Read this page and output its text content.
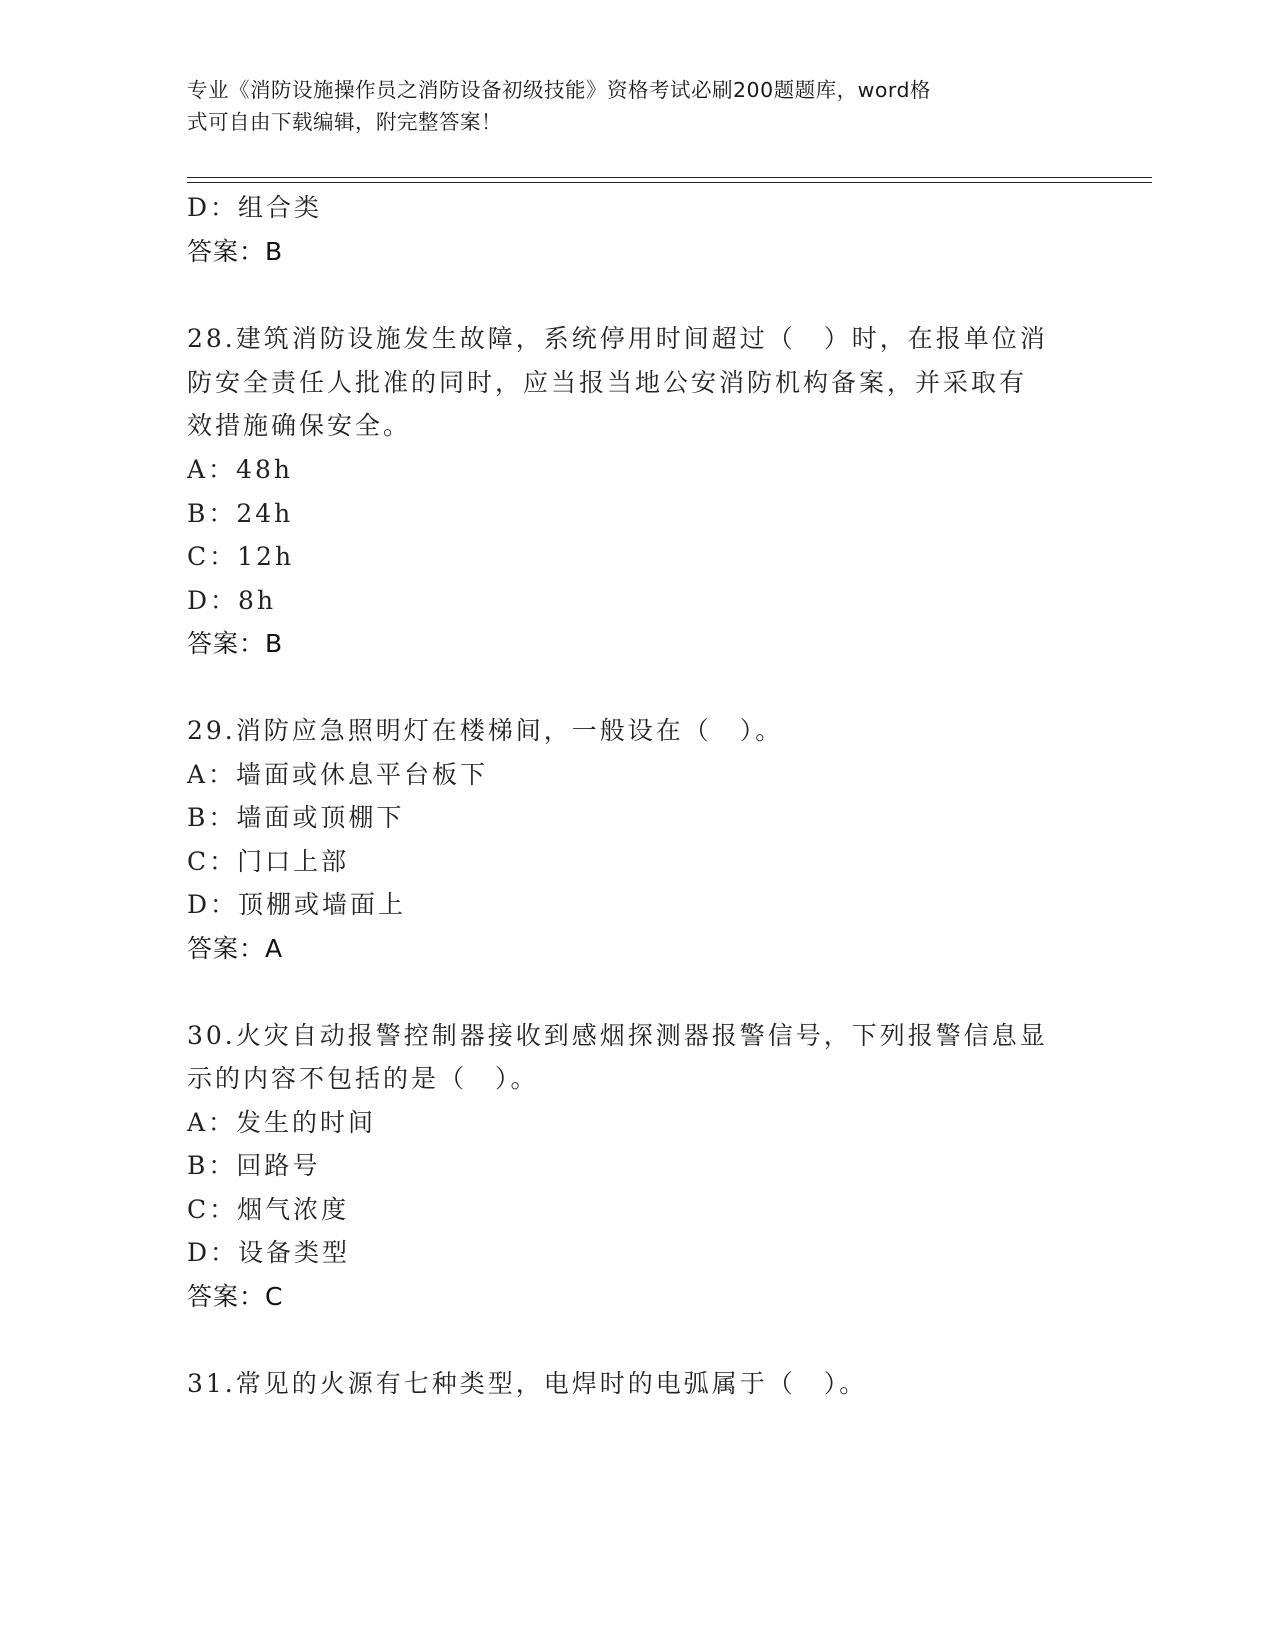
专业《消防设施操作员之消防设备初级技能》资格考试必刷200题题库，word格
式可自由下载编辑，附完整答案！
D：组合类
答案：B
28.建筑消防设施发生故障，系统停用时间超过（　）时，在报单位消
防安全责任人批准的同时，应当报当地公安消防机构备案，并采取有
效措施确保安全。
A：48h
B：24h
C：12h
D：8h
答案：B
29.消防应急照明灯在楼梯间，一般设在（　）。
A：墙面或休息平台板下
B：墙面或顶棚下
C：门口上部
D：顶棚或墙面上
答案：A
30.火灾自动报警控制器接收到感烟探测器报警信号，下列报警信息显
示的内容不包括的是（　）。
A：发生的时间
B：回路号
C：烟气浓度
D：设备类型
答案：C
31.常见的火源有七种类型，电焊时的电弧属于（　）。
